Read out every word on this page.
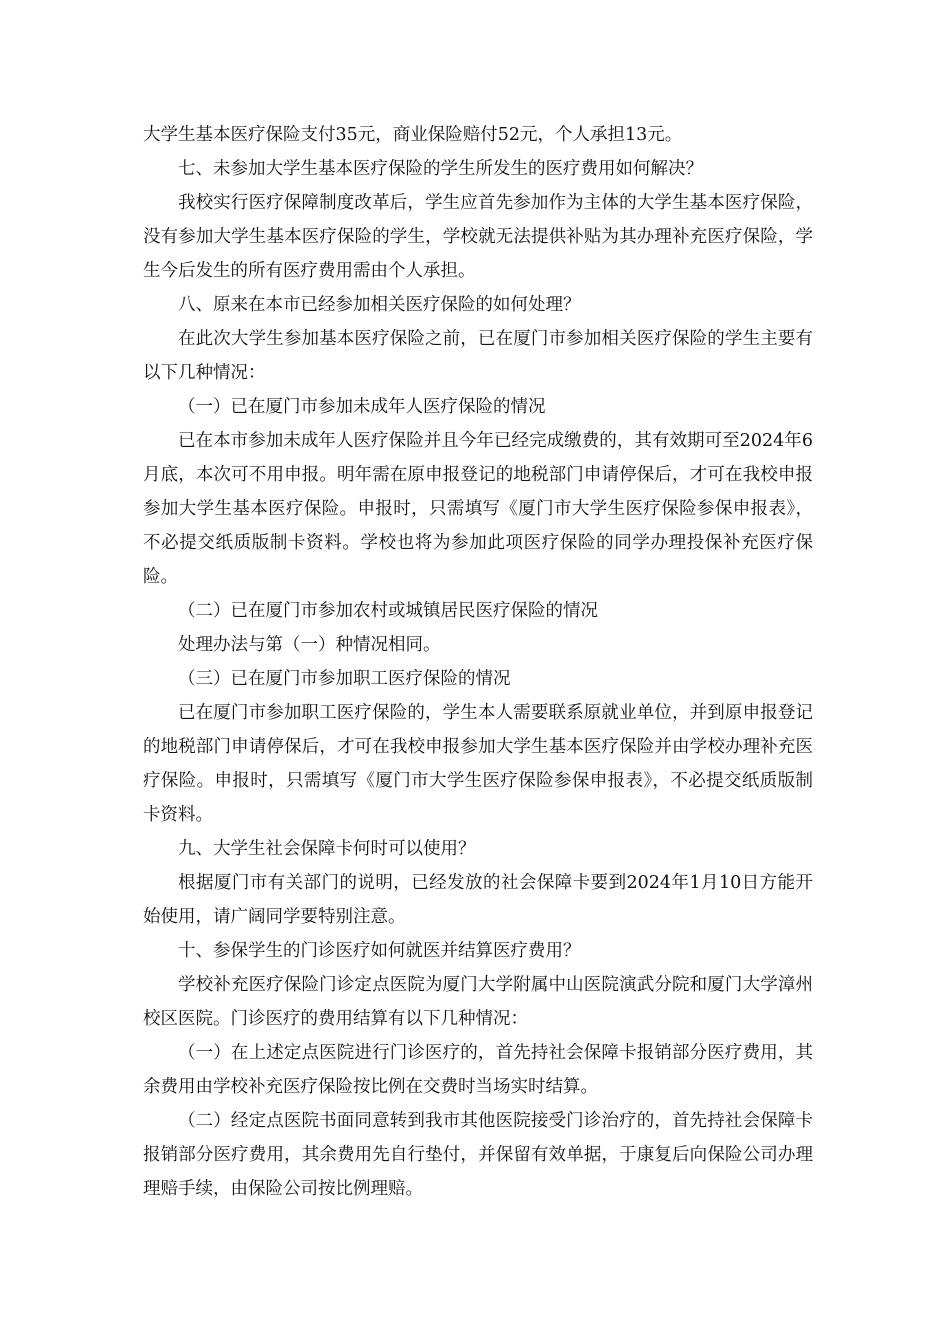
大学生基本医疗保险支付35元，商业保险赔付52元，个人承担13元。

七、未参加大学生基本医疗保险的学生所发生的医疗费用如何解决？

我校实行医疗保障制度改革后，学生应首先参加作为主体的大学生基本医疗保险，没有参加大学生基本医疗保险的学生，学校就无法提供补贴为其办理补充医疗保险，学生今后发生的所有医疗费用需由个人承担。

八、原来在本市已经参加相关医疗保险的如何处理？

在此次大学生参加基本医疗保险之前，已在厦门市参加相关医疗保险的学生主要有以下几种情况：

（一）已在厦门市参加未成年人医疗保险的情况

已在本市参加未成年人医疗保险并且今年已经完成缴费的，其有效期可至2024年6月底，本次可不用申报。明年需在原申报登记的地税部门申请停保后，才可在我校申报参加大学生基本医疗保险。申报时，只需填写《厦门市大学生医疗保险参保申报表》，不必提交纸质版制卡资料。学校也将为参加此项医疗保险的同学办理投保补充医疗保险。

（二）已在厦门市参加农村或城镇居民医疗保险的情况

处理办法与第（一）种情况相同。

（三）已在厦门市参加职工医疗保险的情况

已在厦门市参加职工医疗保险的，学生本人需要联系原就业单位，并到原申报登记的地税部门申请停保后，才可在我校申报参加大学生基本医疗保险并由学校办理补充医疗保险。申报时，只需填写《厦门市大学生医疗保险参保申报表》，不必提交纸质版制卡资料。

九、大学生社会保障卡何时可以使用？

根据厦门市有关部门的说明，已经发放的社会保障卡要到2024年1月10日方能开始使用，请广阔同学要特别注意。

十、参保学生的门诊医疗如何就医并结算医疗费用？

学校补充医疗保险门诊定点医院为厦门大学附属中山医院演武分院和厦门大学漳州校区医院。门诊医疗的费用结算有以下几种情况：

（一）在上述定点医院进行门诊医疗的，首先持社会保障卡报销部分医疗费用，其余费用由学校补充医疗保险按比例在交费时当场实时结算。

（二）经定点医院书面同意转到我市其他医院接受门诊治疗的，首先持社会保障卡报销部分医疗费用，其余费用先自行垫付，并保留有效单据，于康复后向保险公司办理理赔手续，由保险公司按比例理赔。
